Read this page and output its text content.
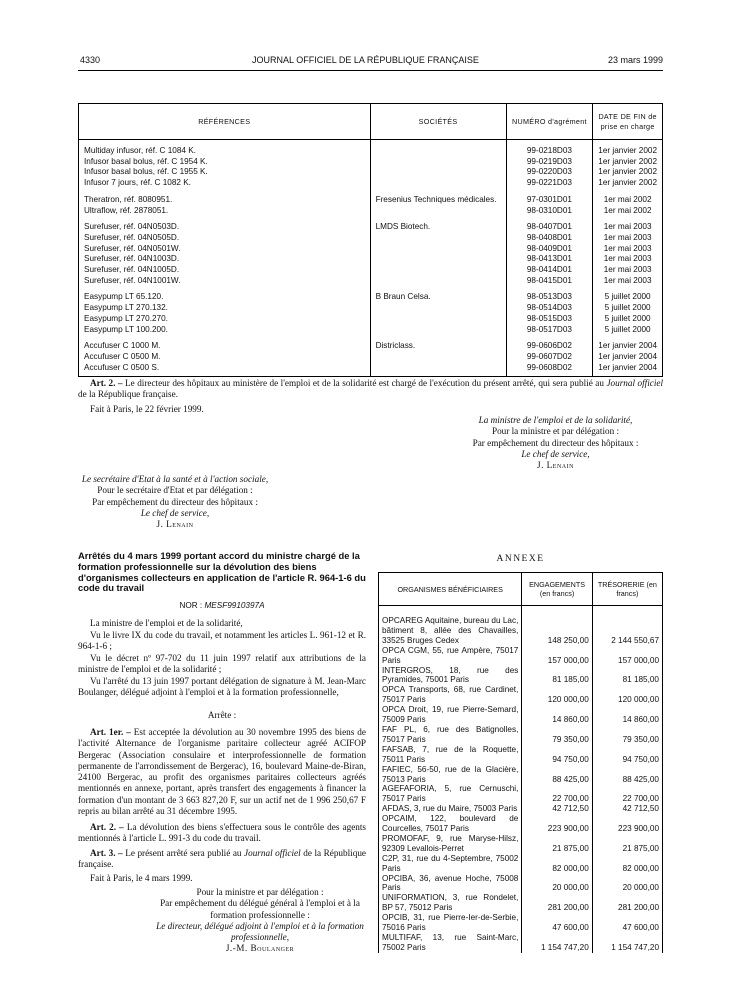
4330	JOURNAL OFFICIEL DE LA RÉPUBLIQUE FRANÇAISE	23 mars 1999
RÉFÉRENCES	SOCIÉTÉS	NUMÉRO d'agrément	DATE DE FIN de prise en charge
Multiday infusor, réf. C 1084 K.		99-0218D03	1er janvier 2002
Infusor basal bolus, réf. C 1954 K.		99-0219D03	1er janvier 2002
Infusor basal bolus, réf. C 1955 K.		99-0220D03	1er janvier 2002
Infusor 7 jours, réf. C 1082 K.		99-0221D03	1er janvier 2002
Theratron, réf. 8080951.	Fresenius Techniques médicales.	97-0301D01	1er mai 2002
Ultraflow, réf. 2878051.		98-0310D01	1er mai 2002
Surefuser, réf. 04N0503D.	LMDS Biotech.	98-0407D01	1er mai 2003
Surefuser, réf. 04N0505D.		98-0408D01	1er mai 2003
Surefuser, réf. 04N0501W.		98-0409D01	1er mai 2003
Surefuser, réf. 04N1003D.		98-0413D01	1er mai 2003
Surefuser, réf. 04N1005D.		98-0414D01	1er mai 2003
Surefuser, réf. 04N1001W.		98-0415D01	1er mai 2003
Easypump LT 65.120.	B Braun Celsa.	98-0513D03	5 juillet 2000
Easypump LT 270.132.		98-0514D03	5 juillet 2000
Easypump LT 270.270.		98-0515D03	5 juillet 2000
Easypump LT 100.200.		98-0517D03	5 juillet 2000
Accufuser C 1000 M.	Districlass.	99-0606D02	1er janvier 2004
Accufuser C 0500 M.		99-0607D02	1er janvier 2004
Accufuser C 0500 S.		99-0608D02	1er janvier 2004
Art. 2. – Le directeur des hôpitaux au ministère de l'emploi et de la solidarité est chargé de l'exécution du présent arrêté, qui sera publié au Journal officiel de la République française.
Fait à Paris, le 22 février 1999.
La ministre de l'emploi et de la solidarité,
Pour la ministre et par délégation :
Par empêchement du directeur des hôpitaux :
Le chef de service,
J. Lenain
Le secrétaire d'Etat à la santé et à l'action sociale,
Pour le secrétaire d'Etat et par délégation :
Par empêchement du directeur des hôpitaux :
Le chef de service,
J. Lenain
Arrêtés du 4 mars 1999 portant accord du ministre chargé de la formation professionnelle sur la dévolution des biens d'organismes collecteurs en application de l'article R. 964-1-6 du code du travail
NOR : MESF9910397A
La ministre de l'emploi et de la solidarité,
Vu le livre IX du code du travail, et notamment les articles L. 961-12 et R. 964-1-6 ;
Vu le décret nº 97-702 du 11 juin 1997 relatif aux attributions de la ministre de l'emploi et de la solidarité ;
Vu l'arrêté du 13 juin 1997 portant délégation de signature à M. Jean-Marc Boulanger, délégué adjoint à l'emploi et à la formation professionnelle,
Arrête :
Art. 1er. – Est acceptée la dévolution au 30 novembre 1995 des biens de l'activité Alternance de l'organisme paritaire collecteur agréé ACIFOP Bergerac (Association consulaire et interprofessionnelle de formation permanente de l'arrondissement de Bergerac), 16, boulevard Maine-de-Biran, 24100 Bergerac, au profit des organismes paritaires collecteurs agréés mentionnés en annexe, portant, après transfert des engagements à financer la formation d'un montant de 3 663 827,20 F, sur un actif net de 1 996 250,67 F repris au bilan arrêté au 31 décembre 1995.
Art. 2. – La dévolution des biens s'effectuera sous le contrôle des agents mentionnés à l'article L. 991-3 du code du travail.
Art. 3. – Le présent arrêté sera publié au Journal officiel de la République française.
Fait à Paris, le 4 mars 1999.
Pour la ministre et par délégation :
Par empêchement du délégué général à l'emploi et à la formation professionnelle :
Le directeur, délégué adjoint à l'emploi et à la formation professionnelle,
J.-M. Boulanger
ANNEXE
ORGANISMES BÉNÉFICIAIRES	ENGAGEMENTS (en francs)	TRÉSORERIE (en francs)
OPCAREG Aquitaine, bureau du Lac, bâtiment 8, allée des Chavailles, 33525 Bruges Cedex	148 250,00	2 144 550,67
OPCA CGM, 55, rue Ampère, 75017 Paris	157 000,00	157 000,00
INTERGROS, 18, rue des Pyramides, 75001 Paris	81 185,00	81 185,00
OPCA Transports, 68, rue Cardinet, 75017 Paris	120 000,00	120 000,00
OPCA Droit, 19, rue Pierre-Semard, 75009 Paris	14 860,00	14 860,00
FAF PL, 6, rue des Batignolles, 75017 Paris	79 350,00	79 350,00
FAFSAB, 7, rue de la Roquette, 75011 Paris	94 750,00	94 750,00
FAFIEC, 56-50, rue de la Glacière, 75013 Paris	88 425,00	88 425,00
AGEFAFORIA, 5, rue Cernuschi, 75017 Paris	22 700,00	22 700,00
AFDAS, 3, rue du Maire, 75003 Paris	42 712,50	42 712,50
OPCAIM, 122, boulevard de Courcelles, 75017 Paris	223 900,00	223 900,00
PROMOFAF, 9, rue Maryse-Hilsz, 92309 Levallois-Perret	21 875,00	21 875,00
C2P, 31, rue du 4-Septembre, 75002 Paris	82 000,00	82 000,00
OPCIBA, 36, avenue Hoche, 75008 Paris	20 000,00	20 000,00
UNIFORMATION, 3, rue Rondelet, BP 57, 75012 Paris	281 200,00	281 200,00
OPCIB, 31, rue Pierre-Ier-de-Serbie, 75016 Paris	47 600,00	47 600,00
MULTIFAF, 13, rue Saint-Marc, 75002 Paris	1 154 747,20	1 154 747,20
